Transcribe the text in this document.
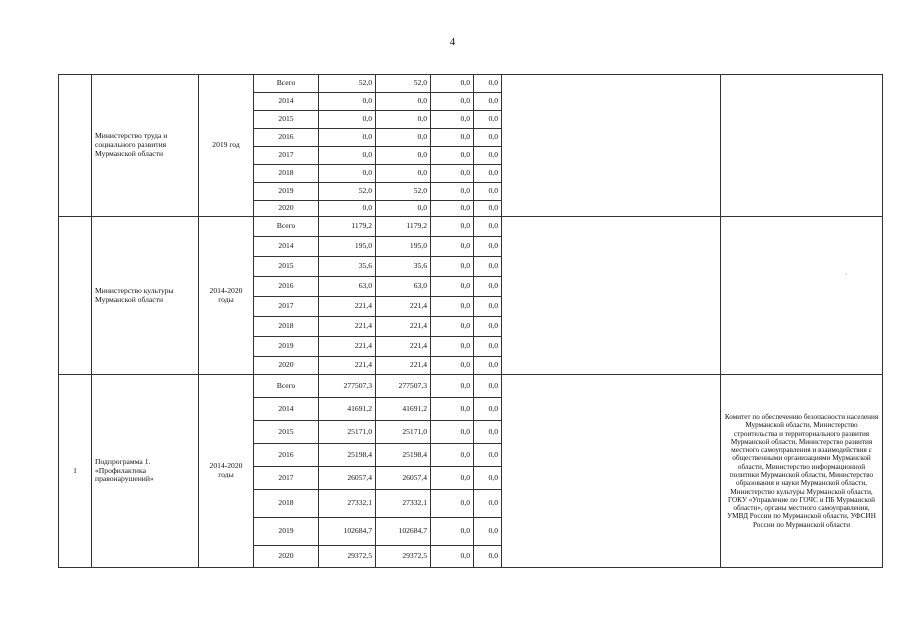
4
	Министерство труда и социального развития Мурманской области	2019 год	Всего	52,0	52,0	0,0	0,0		
			2014	0,0	0,0	0,0	0,0		
			2015	0,0	0,0	0,0	0,0		
			2016	0,0	0,0	0,0	0,0		
			2017	0,0	0,0	0,0	0,0		
			2018	0,0	0,0	0,0	0,0		
			2019	52,0	52,0	0,0	0,0		
			2020	0,0	0,0	0,0	0,0		
	Министерство культуры Мурманской области	2014-2020 годы	Всего	1179,2	1179,2	0,0	0,0		
			2014	195,0	195,0	0,0	0,0		
			2015	35,6	35,6	0,0	0,0		
			2016	63,0	63,0	0,0	0,0		
			2017	221,4	221,4	0,0	0,0		
			2018	221,4	221,4	0,0	0,0		
			2019	221,4	221,4	0,0	0,0		
			2020	221,4	221,4	0,0	0,0		
1	Подпрограмма 1. «Профилактика правонарушений»	2014-2020 годы	Всего	277507,3	277507,3	0,0	0,0		Комитет по обеспечению безопасности населения Мурманской области, Министерство строительства и территориального развития Мурманской области, Министерство развития местного самоуправления и взаимодействия с общественными организациями Мурманской области, Министерство информационной политики Мурманской области, Министерство образования и науки Мурманской области, Министерство культуры Мурманской области, ГОКУ «Управление по ГОЧС и ПБ Мурманской области», органы местного самоуправления, УМВД России по Мурманской области, УФСИН России по Мурманской области
			2014	41691,2	41691,2	0,0	0,0		
			2015	25171,0	25171,0	0,0	0,0		
			2016	25198,4	25198,4	0,0	0,0		
			2017	26057,4	26057,4	0,0	0,0		
			2018	27332,1	27332,1	0,0	0,0		
			2019	102684,7	102684,7	0,0	0,0		
			2020	29372,5	29372,5	0,0	0,0		
·
